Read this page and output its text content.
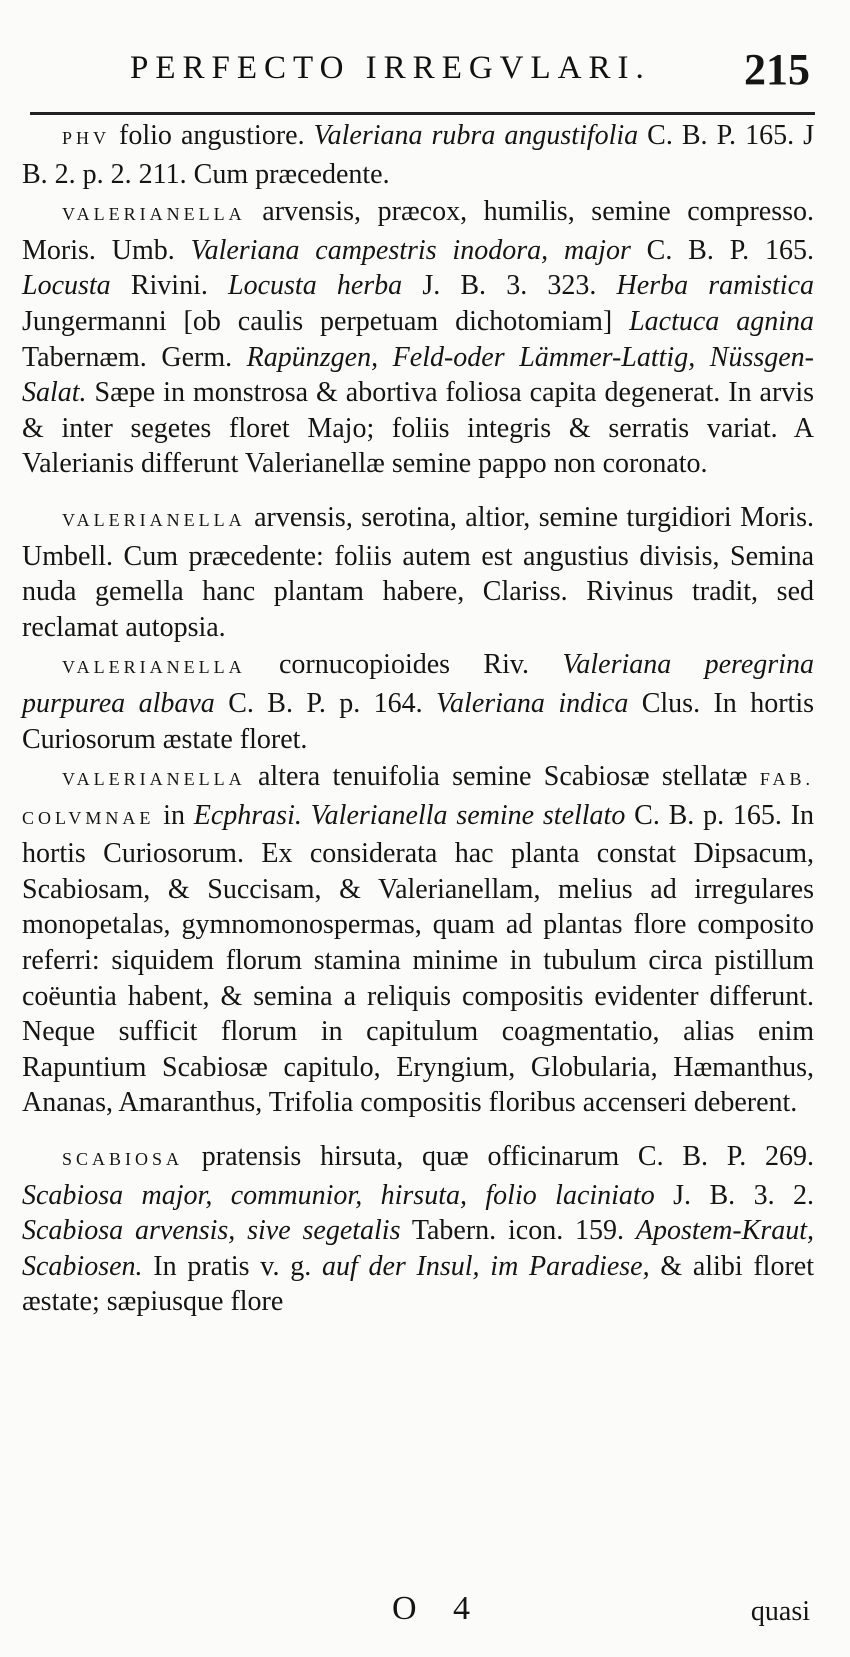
PERFECTO IRREGVLARI. 215

PHV folio angustiore. Valeriana rubra angustifolia C. B. P. 165. J B. 2. p. 2. 211. Cum præcedente.

VALERIANELLA arvensis, præcox, humilis, semine compresso. Moris. Umb. Valeriana campestris inodora, major C. B. P. 165. Locusta Rivini. Locusta herba J. B. 3. 323. Herba ramistica Jungermanni [ob caulis perpetuam dichotomiam] Lactuca agnina Tabernæm. Germ. Rapünzgen, Feld-oder Lämmer-Lattig, Nüssgen-Salat. Sæpe in monstrosa & abortiva foliosa capita degenerat. In arvis & inter segetes floret Majo; foliis integris & serratis variat. A Valerianis differunt Valerianellæ semine pappo non coronato.

VALERIANELLA arvensis, serotina, altior, semine turgidiori Moris. Umbell. Cum præcedente: foliis autem est angustius divisis, Semina nuda gemella hanc plantam habere, Clariss. Rivinus tradit, sed reclamat autopsia.

VALERIANELLA cornucopioides Riv. Valeriana peregrina purpurea albava C. B. P. p. 164. Valeriana indica Clus. In hortis Curiosorum æstate floret.

VALERIANELLA altera tenuifolia semine Scabiosæ stellatæ FAB. COLVMNAE in Ecphrasi. Valerianella semine stellato C. B. p. 165. In hortis Curiosorum. Ex considerata hac planta constat Dipsacum, Scabiosam, & Succisam, & Valerianellam, melius ad irregulares monopetalas, gymnomonospermas, quam ad plantas flore composito referri: siquidem florum stamina minime in tubulum circa pistillum coëuntia habent, & semina a reliquis compositis evidenter differunt. Neque sufficit florum in capitulum coagmentatio, alias enim Rapuntium Scabiosæ capitulo, Eryngium, Globularia, Hæmanthus, Ananas, Amaranthus, Trifolia compositis floribus accenseri deberent.

SCABIOSA pratensis hirsuta, quæ officinarum C. B. P. 269. Scabiosa major, communior, hirsuta, folio laciniato J. B. 3. 2. Scabiosa arvensis, sive segetalis Tabern. icon. 159. Apostem-Kraut, Scabiosen. In pratis v. g. auf der Insul, im Paradiese, & alibi floret æstate; sæpiusque flore

O 4	quasi
